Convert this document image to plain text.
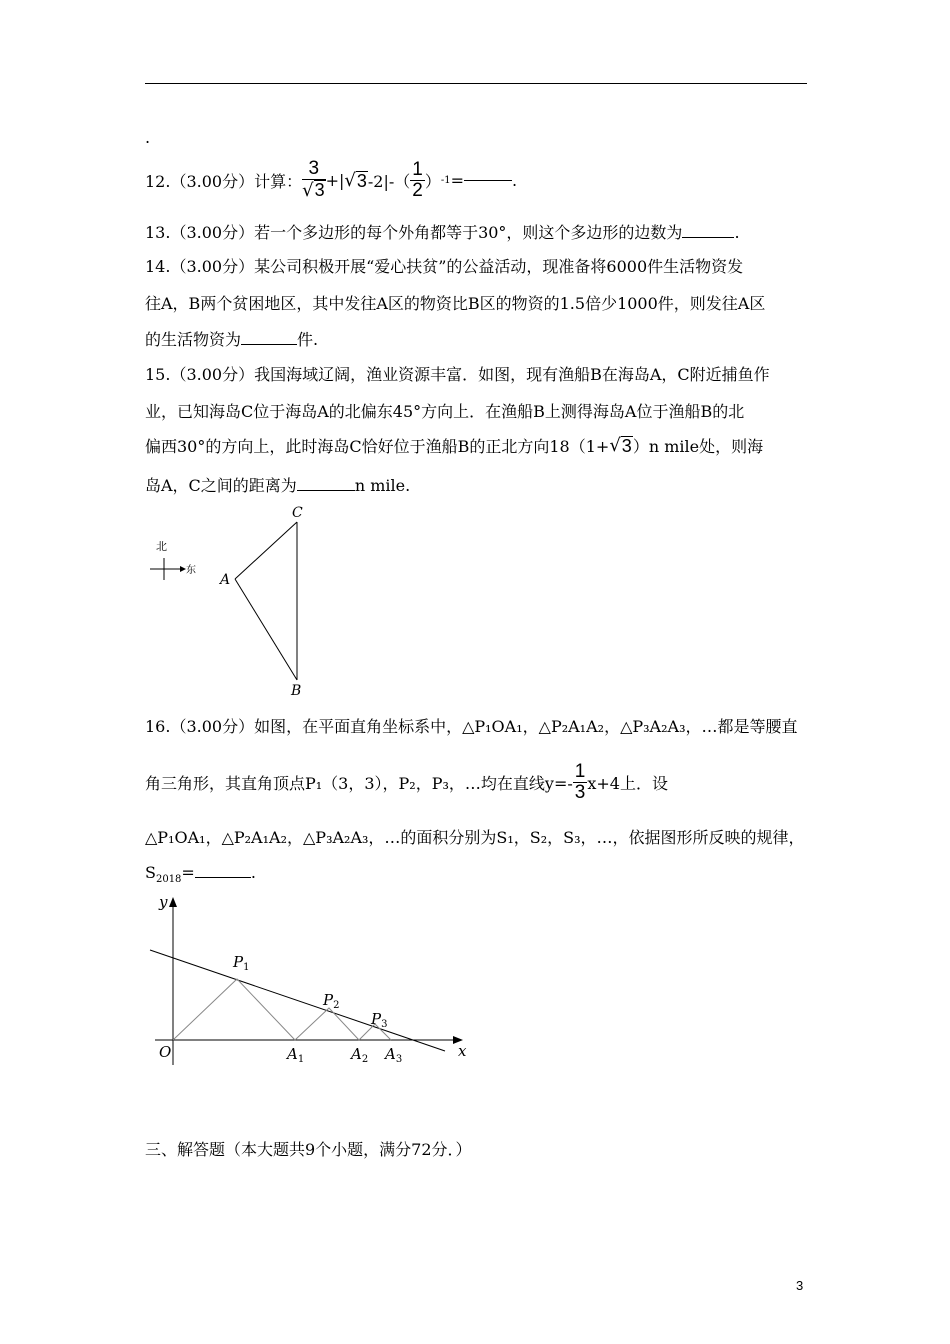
.
12.（3.00分）计算： $\frac{3}{√3}$ +| √ 3 $-2|-( \frac{1}{2}$ ） -1 =	.
13.（3.00分）若一个多边形的每个外角都等于30°，则这个多边形的边数为	.
14.（3.00分）某公司积极开展“爱心扶贫”的公益活动，现准备将6000件生活物资发
往A，B两个贫困地区，其中发往A区的物资比B区的物资的1.5倍少1000件，则发往A区
的生活物资为	件.
15.（3.00分）我国海域辽阔，渔业资源丰富．如图，现有渔船B在海岛A，C附近捕鱼作
业，已知海岛C位于海岛A的北偏东45°方向上．在渔船B上测得海岛A位于渔船B的北
偏西30°的方向上，此时海岛C恰好位于渔船B的正北方向18（1+ √ 3 ）n mile处，则海
岛A，C之间的距离为	n mile.
北
东
A
B
C
16.（3.00分）如图，在平面直角坐标系中，△P₁OA₁，△P₂A₁A₂，△P₃A₂A₃，…都是等腰直
角三角形，其直角顶点P₁（3，3），P₂，P₃，…均在直线$y=- \frac{1}{3} x+4$上．设
△P₁OA₁，△P₂A₁A₂，△P₃A₂A₃，…的面积分别为S₁，S₂，S₃，…，依据图形所反映的规律，
$S_{2018}=$	.
y
x
O
$P_1$
$P_2$
$P_3$
$A_1$	$A_2$ $A_3$
三、解答题（本大题共9个小题，满分72分．）
3
